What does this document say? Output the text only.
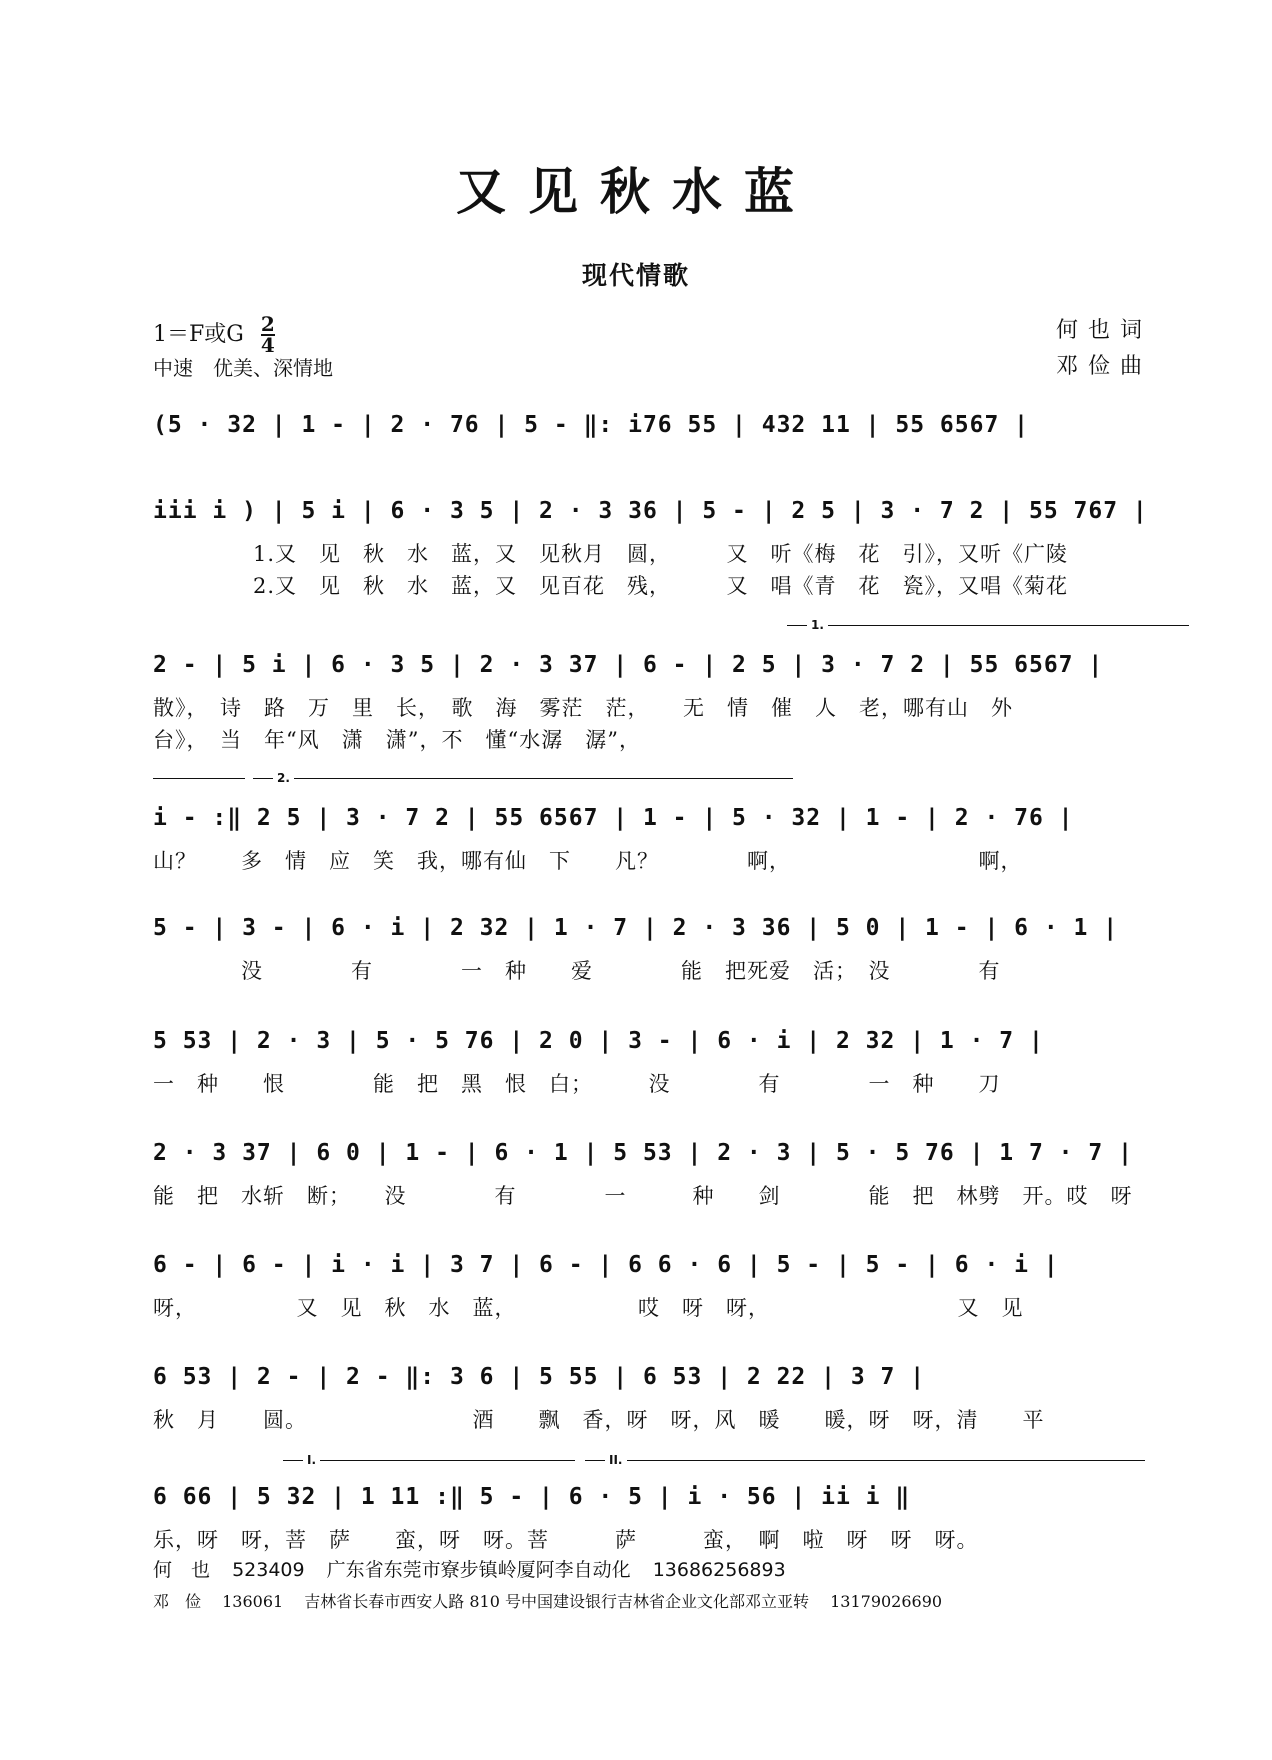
又见秋水蓝
现代情歌
1＝F或G $\frac{2}{4}$
中速　优美、深情地
何也词
邓俭曲
(5 · 32 | 1 - | 2 · 76 | 5 - ‖: i76 55 | 432 11 | 55 6567 |
iii i ) | 5 i | 6 · 3 5 | 2 · 3 36 | 5 - | 2 5 | 3 · 7 2 | 55 767 |
1.又　见　秋　水　蓝，又　见秋月　圆，　　　又　听《梅　花　引》，又听《广陵
2.又　见　秋　水　蓝，又　见百花　残，　　　又　唱《青　花　瓷》，又唱《菊花
1.
2 - | 5 i | 6 · 3 5 | 2 · 3 37 | 6 - | 2 5 | 3 · 7 2 | 55 6567 |
散》，　诗　路　万　里　长，　歌　海　雾茫　茫，　　无　情　催　人　老，哪有山　外
台》，　当　年“风　潇　潇”，不　懂“水潺　潺”，
2.
i - :‖ 2 5 | 3 · 7 2 | 55 6567 | 1 - | 5 · 32 | 1 - | 2 · 76 |
山？　　多　情　应　笑　我，哪有仙　下　　凡？　　　　啊，　　　　　　　　　啊，
5 - | 3 - | 6 · i | 2 32 | 1 · 7 | 2 · 3 36 | 5 0 | 1 - | 6 · 1 |
　　　　没　　　　有　　　　一　种　　爱　　　　能　把死爱　活；　没　　　　有
5 53 | 2 · 3 | 5 · 5 76 | 2 0 | 3 - | 6 · i | 2 32 | 1 · 7 |
一　种　　恨　　　　能　把　黑　恨　白；　　　没　　　　有　　　　一　种　　刀
2 · 3 37 | 6 0 | 1 - | 6 · 1 | 5 53 | 2 · 3 | 5 · 5 76 | 1 7 · 7 |
能　把　水斩　断；　　没　　　　有　　　　一　　　种　　剑　　　　能　把　林劈　开。哎　呀
6 - | 6 - | i · i | 3 7 | 6 - | 6 6 · 6 | 5 - | 5 - | 6 · i |
呀，　　　　　又　见　秋　水　蓝，　　　　　　哎　呀　呀，　　　　　　　　　又　见
6 53 | 2 - | 2 - ‖: 3 6 | 5 55 | 6 53 | 2 22 | 3 7 |
秋　月　　圆。　　　　　　　　酒　　飘　香，呀　呀，风　暖　　暖，呀　呀，清　　平
I.	II.
6 66 | 5 32 | 1 11 :‖ 5 - | 6 · 5 | i · 56 | ii i ‖
乐，呀　呀，菩　萨　　蛮，呀　呀。菩　　　萨　　　蛮，　啊　啦　呀　呀　呀。
何　也 523409 广东省东莞市寮步镇岭厦阿李自动化 13686256893
邓　俭 136061 吉林省长春市西安人路 810 号中国建设银行吉林省企业文化部邓立亚转 13179026690
